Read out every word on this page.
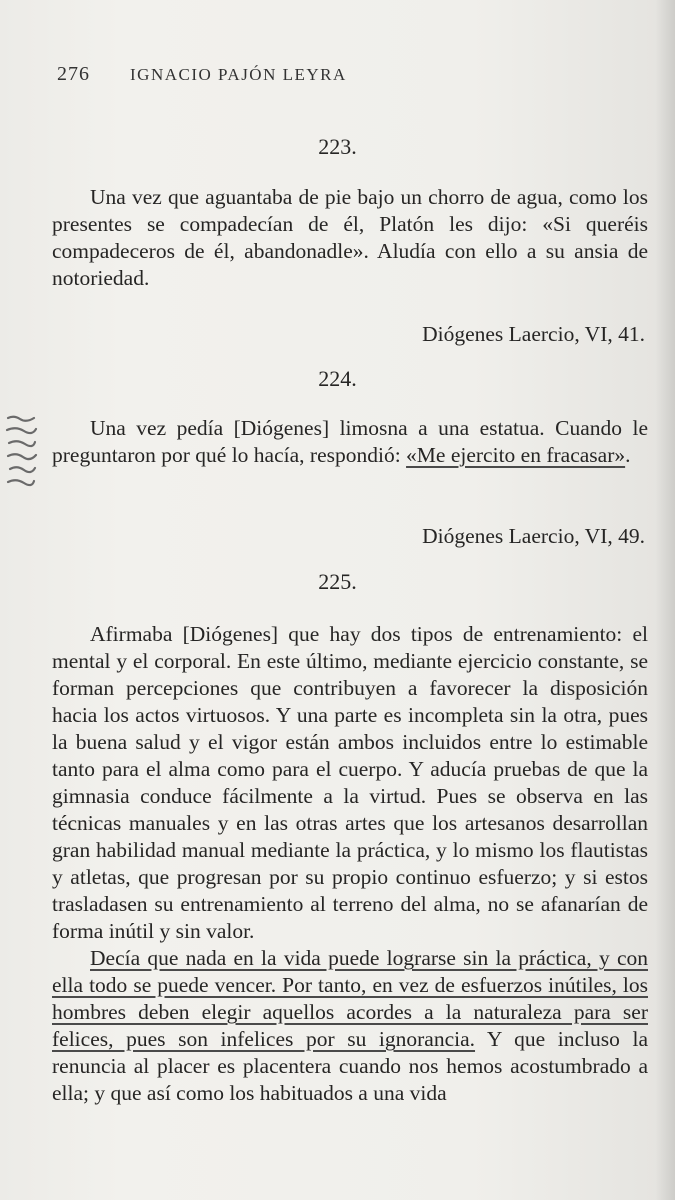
276 IGNACIO PAJÓN LEYRA
223.

Una vez que aguantaba de pie bajo un chorro de agua, como los presentes se compadecían de él, Platón les dijo: «Si queréis compadeceros de él, abandonadle». Aludía con ello a su ansia de notoriedad.

Diógenes Laercio, VI, 41.
224.

Una vez pedía [Diógenes] limosna a una estatua. Cuando le preguntaron por qué lo hacía, respondió: «Me ejercito en fracasar».

Diógenes Laercio, VI, 49.
225.

Afirmaba [Diógenes] que hay dos tipos de entrenamiento: el mental y el corporal. En este último, mediante ejercicio constante, se forman percepciones que contribuyen a favorecer la disposición hacia los actos virtuosos. Y una parte es incompleta sin la otra, pues la buena salud y el vigor están ambos incluidos entre lo estimable tanto para el alma como para el cuerpo. Y aducía pruebas de que la gimnasia conduce fácilmente a la virtud. Pues se observa en las técnicas manuales y en las otras artes que los artesanos desarrollan gran habilidad manual mediante la práctica, y lo mismo los flautistas y atletas, que progresan por su propio continuo esfuerzo; y si estos trasladasen su entrenamiento al terreno del alma, no se afanarían de forma inútil y sin valor.

Decía que nada en la vida puede lograrse sin la práctica, y con ella todo se puede vencer. Por tanto, en vez de esfuerzos inútiles, los hombres deben elegir aquellos acordes a la naturaleza para ser felices, pues son infelices por su ignorancia. Y que incluso la renuncia al placer es placentera cuando nos hemos acostumbrado a ella; y que así como los habituados a una vida
